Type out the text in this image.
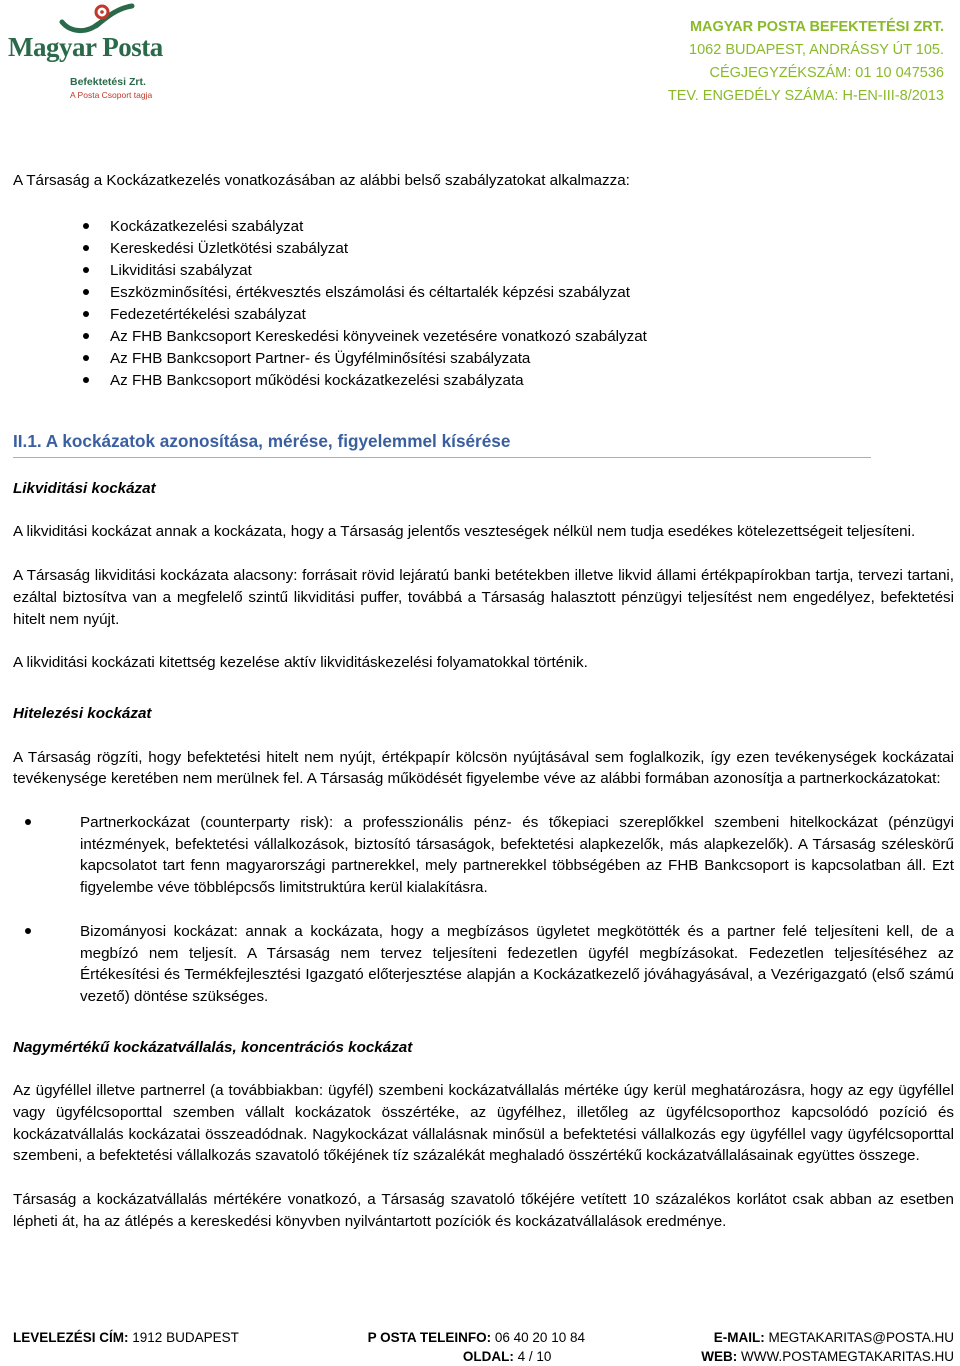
Magyar Posta
Befektetési Zrt.
A Posta Csoport tagja
MAGYAR POSTA BEFEKTETÉSI ZRT.
1062 BUDAPEST, ANDRÁSSY ÚT 105.
CÉGJEGYZÉKSZÁM: 01 10 047536
TEV. ENGEDÉLY SZÁMA: H-EN-III-8/2013

A Társaság a Kockázatkezelés vonatkozásában az alábbi belső szabályzatokat alkalmazza:

Kockázatkezelési szabályzat
Kereskedési Üzletkötési szabályzat
Likviditási szabályzat
Eszközminősítési, értékvesztés elszámolási és céltartalék képzési szabályzat
Fedezetértékelési szabályzat
Az FHB Bankcsoport Kereskedési könyveinek vezetésére vonatkozó szabályzat
Az FHB Bankcsoport Partner- és Ügyfélminősítési szabályzata
Az FHB Bankcsoport működési kockázatkezelési szabályzata
II.1. A kockázatok azonosítása, mérése, figyelemmel kísérése

Likviditási kockázat

A likviditási kockázat annak a kockázata, hogy a Társaság jelentős veszteségek nélkül nem tudja esedékes kötelezettségeit teljesíteni.

A Társaság likviditási kockázata alacsony: forrásait rövid lejáratú banki betétekben illetve likvid állami értékpapírokban tartja, tervezi tartani, ezáltal biztosítva van a megfelelő szintű likviditási puffer, továbbá a Társaság halasztott pénzügyi teljesítést nem engedélyez, befektetési hitelt nem nyújt.

A likviditási kockázati kitettség kezelése aktív likviditáskezelési folyamatokkal történik.

Hitelezési kockázat

A Társaság rögzíti, hogy befektetési hitelt nem nyújt, értékpapír kölcsön nyújtásával sem foglalkozik, így ezen tevékenységek kockázatai tevékenysége keretében nem merülnek fel. A Társaság működését figyelembe véve az alábbi formában azonosítja a partnerkockázatokat:

Partnerkockázat (counterparty risk): a professzionális pénz- és tőkepiaci szereplőkkel szembeni hitelkockázat (pénzügyi intézmények, befektetési vállalkozások, biztosító társaságok, befektetési alapkezelők, más alapkezelők). A Társaság széleskörű kapcsolatot tart fenn magyarországi partnerekkel, mely partnerekkel többségében az FHB Bankcsoport is kapcsolatban áll. Ezt figyelembe véve többlépcsős limitstruktúra kerül kialakításra.
Bizományosi kockázat: annak a kockázata, hogy a megbízásos ügyletet megkötötték és a partner felé teljesíteni kell, de a megbízó nem teljesít. A Társaság nem tervez teljesíteni fedezetlen ügyfél megbízásokat. Fedezetlen teljesítéséhez az Értékesítési és Termékfejlesztési Igazgató előterjesztése alapján a Kockázatkezelő jóváhagyásával, a Vezérigazgató (első számú vezető) döntése szükséges.

Nagymértékű kockázatvállalás, koncentrációs kockázat

Az ügyféllel illetve partnerrel (a továbbiakban: ügyfél) szembeni kockázatvállalás mértéke úgy kerül meghatározásra, hogy az egy ügyféllel vagy ügyfélcsoporttal szemben vállalt kockázatok összértéke, az ügyfélhez, illetőleg az ügyfélcsoporthoz kapcsolódó pozíció és kockázatvállalás kockázatai összeadódnak. Nagykockázat vállalásnak minősül a befektetési vállalkozás egy ügyféllel vagy ügyfélcsoporttal szembeni, a befektetési vállalkozás szavatoló tőkéjének tíz százalékát meghaladó összértékű kockázatvállalásainak együttes összege.

Társaság a kockázatvállalás mértékére vonatkozó, a Társaság szavatoló tőkéjére vetített 10 százalékos korlátot csak abban az esetben lépheti át, ha az átlépés a kereskedési könyvben nyilvántartott pozíciók és kockázatvállalások eredménye.

LEVELEZÉSI CÍM: 1912 BUDAPEST	P OSTA TELEINFO: 06 40 20 10 84	E-MAIL: MEGTAKARITAS@POSTA.HU
OLDAL: 4 / 10	WEB: WWW.POSTAMEGTAKARITAS.HU
